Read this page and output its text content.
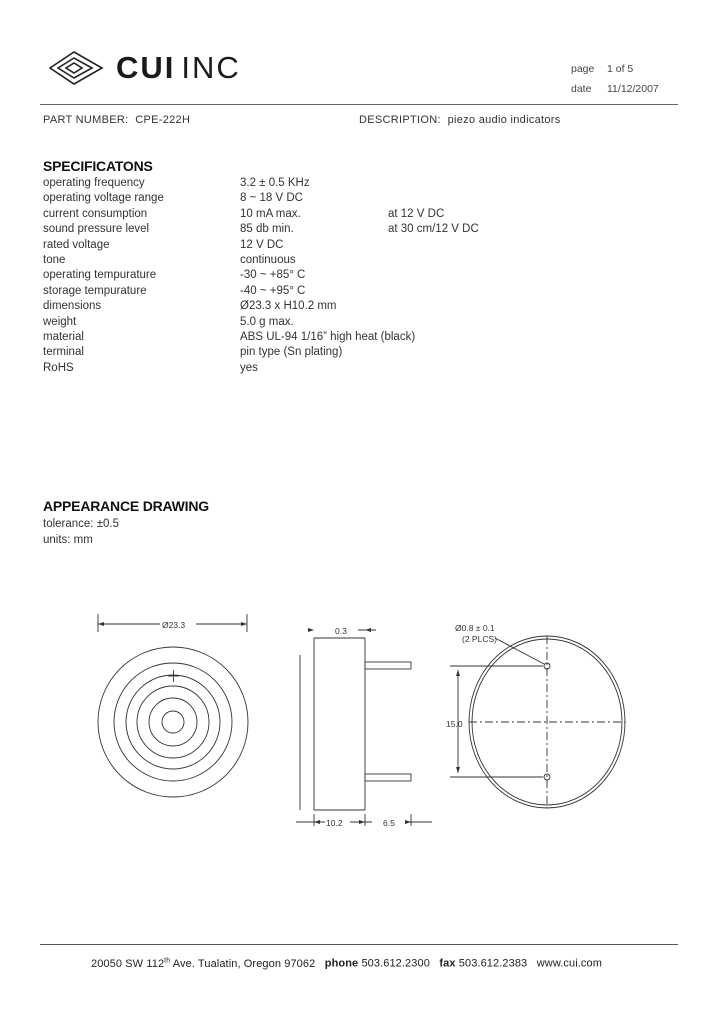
CUI INC	page 1 of 5
date 11/12/2007
PART NUMBER: CPE-222H	DESCRIPTION: piezo audio indicators
SPECIFICATONS
operating frequency	3.2 ± 0.5 KHz
operating voltage range	8 ~ 18 V DC
current consumption	10 mA max.	at 12 V DC
sound pressure level	85 db min.	at 30 cm/12 V DC
rated voltage	12 V DC
tone	continuous
operating tempurature	-30 ~ +85° C
storage tempurature	-40 ~ +95° C
dimensions	Ø23.3 x H10.2 mm
weight	5.0 g max.
material	ABS UL-94 1/16” high heat (black)
terminal	pin type (Sn plating)
RoHS	yes
APPEARANCE DRAWING
tolerance: ±0.5
units: mm
Ø23.3
0.3
10.2	6.5
Ø0.8 ± 0.1
(2 PLCS)
15.0
20050 SW 112th Ave. Tualatin, Oregon 97062 phone 503.612.2300 fax 503.612.2383 www.cui.com
